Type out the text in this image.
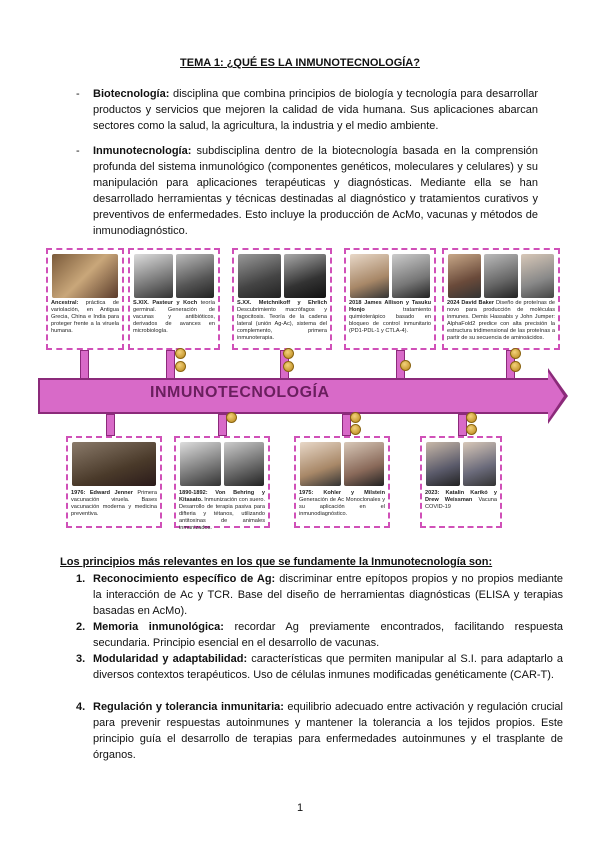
TEMA 1: ¿QUÉ ES LA INMUNOTECNOLOGÍA?
- Biotecnología: disciplina que combina principios de biología y tecnología para desarrollar productos y servicios que mejoren la calidad de vida humana. Sus aplicaciones abarcan sectores como la salud, la agricultura, la industria y el medio ambiente.
- Inmunotecnología: subdisciplina dentro de la biotecnología basada en la comprensión profunda del sistema inmunológico (componentes genéticos, moleculares y celulares) y su manipulación para aplicaciones terapéuticas y diagnósticas. Mediante ella se han desarrollado herramientas y técnicas destinadas al diagnóstico y tratamientos curativos y preventivos de enfermedades. Esto incluye la producción de AcMo, vacunas y métodos de inmunodiagnóstico.
Ancestral: práctica de variolación, en Antigua Grecia, China e India para proteger frente a la viruela humana.
S.XIX. Pasteur y Koch teoría germinal. Generación de vacunas y antibióticos, derivados de avances en microbiología.
S.XX. Metchnikoff y Ehrlich Descubrimiento macrófagos y fagocitosis. Teoría de la cadena lateral (unión Ag-Ac), sistema del complemento, primera inmunoterapia.
2018 James Allison y Tasuku Honjo	tratamiento quimioterápico basado en bloqueo de control inmunitario (PD1-PDL-1 y CTLA-4).
2024 David Baker Diseño de proteínas de novo para producción de moléculas inmunes. Demis Hassabis y John Jumper: AlphaFold2 predice con alta precisión la estructura tridimensional de las proteínas a partir de su secuencia de aminoácidos.
INMUNOTECNOLOGÍA
1976: Edward Jenner Primera vacunación viruela. Bases vacunación moderna y medicina preventiva.
1890-1892: Von Behring y Kitasato. Inmunización con suero. Desarrollo de terapia pasiva para difteria y tétanos, utilizando antitoxinas de animales inmunizados.
1975: Kohler y Milstein Generación de Ac Monoclonales y su aplicación en el inmunodiagnóstico.
2023: Katalin Karikó y Drew Weissman Vacuna COVID-19
Los principios más relevantes en los que se fundamente la Inmunotecnología son:
1. Reconocimiento específico de Ag: discriminar entre epítopos propios y no propios mediante la interacción de Ac y TCR. Base del diseño de herramientas diagnósticas (ELISA y terapias basadas en AcMo).
2. Memoria inmunológica: recordar Ag previamente encontrados, facilitando respuesta secundaria. Principio esencial en el desarrollo de vacunas.
3. Modularidad y adaptabilidad: características que permiten manipular al S.I. para adaptarlo a diversos contextos terapéuticos. Uso de células inmunes modificadas genéticamente (CAR-T).
4. Regulación y tolerancia inmunitaria: equilibrio adecuado entre activación y regulación crucial para prevenir respuestas autoinmunes y mantener la tolerancia a los tejidos propios. Este principio guía el desarrollo de terapias para enfermedades autoinmunes y el trasplante de órganos.
1
